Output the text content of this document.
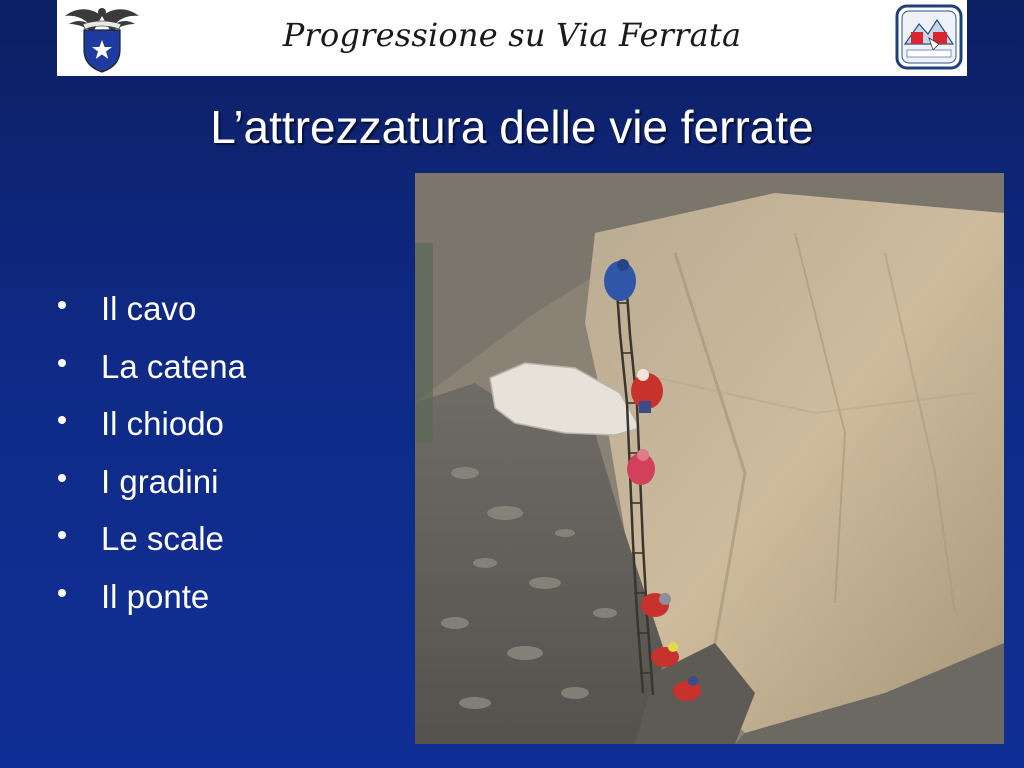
Progressione su Via Ferrata
L’attrezzatura delle vie ferrate
Il cavo
La catena
Il chiodo
I gradini
Le scale
Il ponte
